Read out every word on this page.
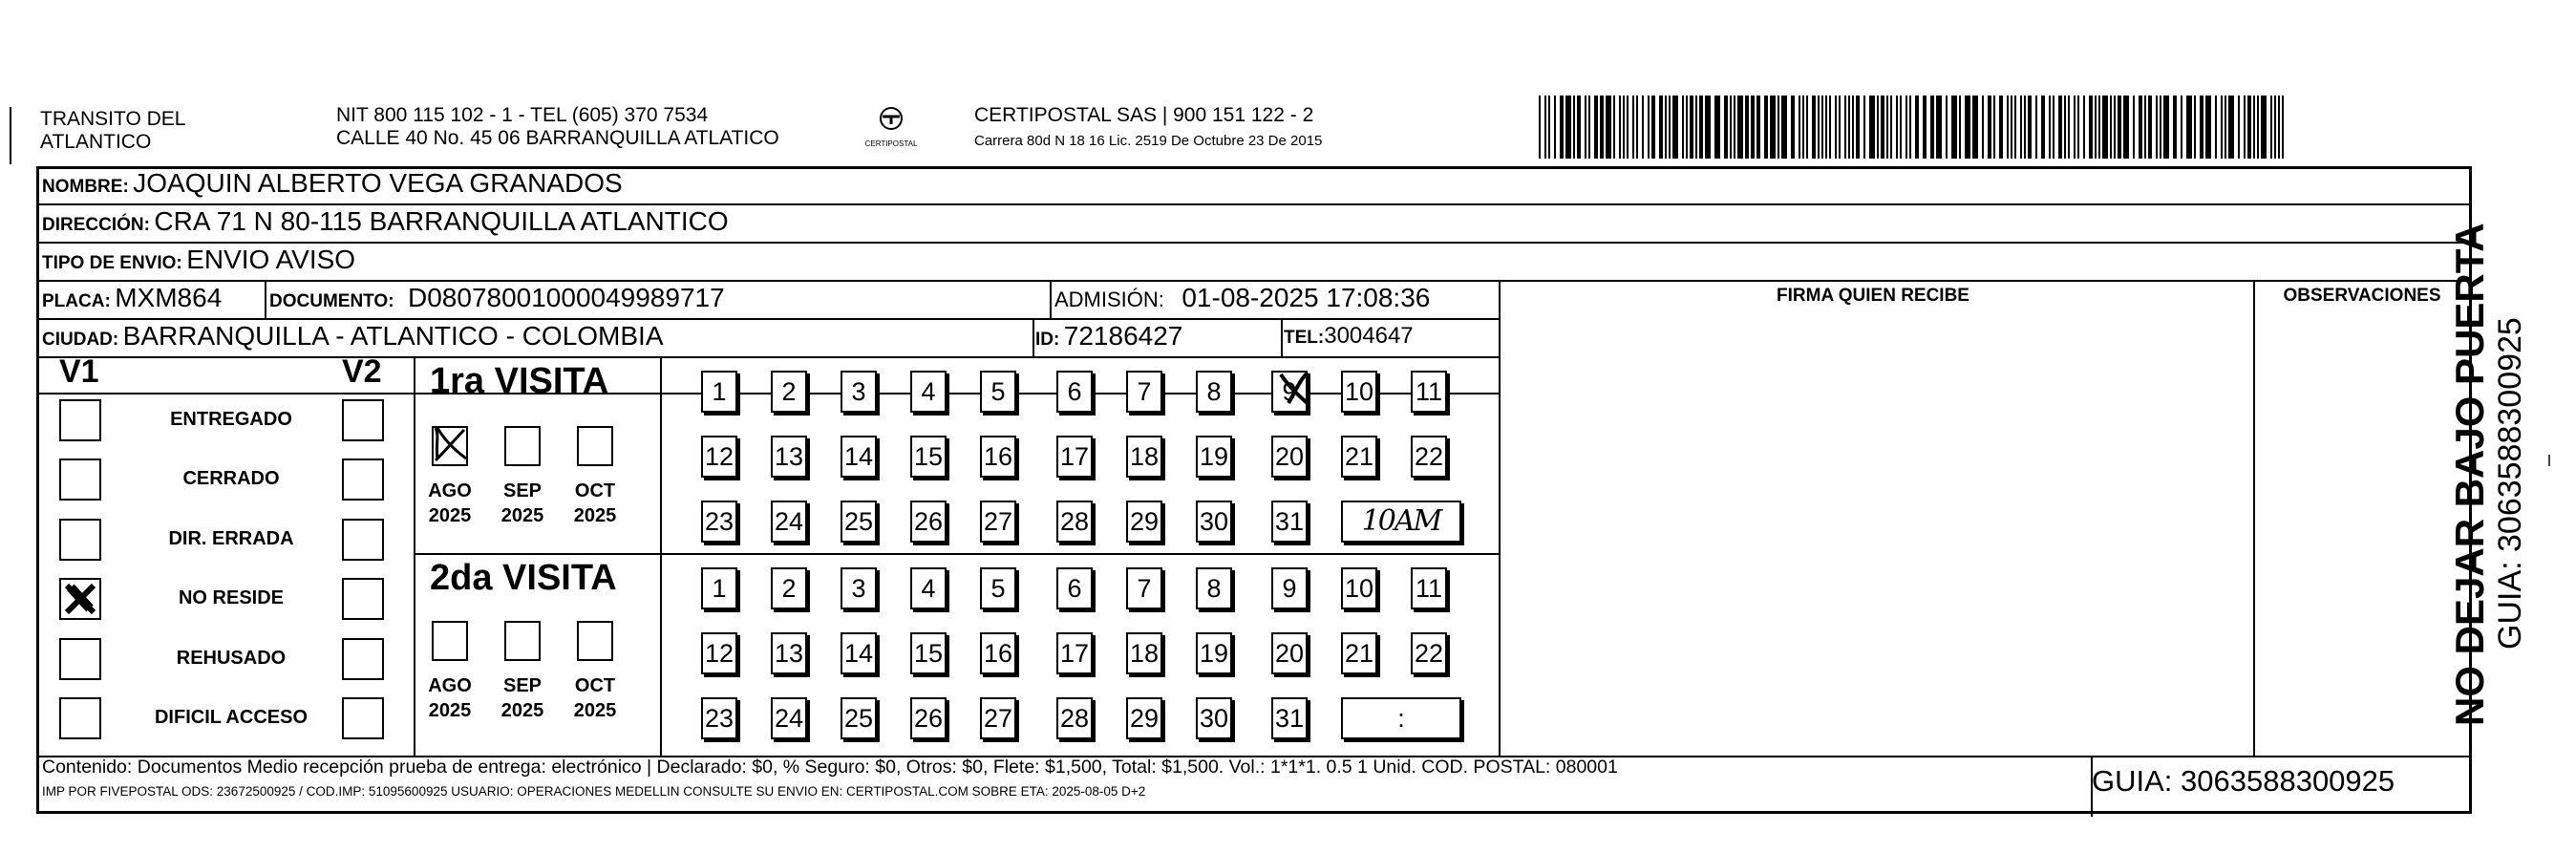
TRANSITO DEL
ATLANTICO
NIT 800 115 102 - 1 - TEL (605) 370 7534
CALLE 40 No. 45 06 BARRANQUILLA ATLATICO	CERTIPOSTAL
CERTIPOSTAL SAS | 900 151 122 - 2
Carrera 80d N 18 16 Lic. 2519 De Octubre 23 De 2015
NOMBRE: JOAQUIN ALBERTO VEGA GRANADOS
DIRECCIÓN: CRA 71 N 80-115 BARRANQUILLA ATLANTICO
TIPO DE ENVIO: ENVIO AVISO
FIRMA QUIEN RECIBE	OBSERVACIONES
PLACA: MXM864	DOCUMENTO: D08078001000049989717	ADMISIÓN: 01-08-2025 17:08:36
CIUDAD: BARRANQUILLA - ATLANTICO - COLOMBIA	ID: 72186427	TEL:3004647
V1	V2
ENTREGADO
CERRADO
DIR. ERRADA
NO RESIDE
REHUSADO
DIFICIL ACCESO
1ra VISITA
2da VISITA
AGO
2025
SEP
2025
OCT
2025
AGO
2025
SEP
2025
OCT
2025
1	2	3	4	5	6	7	8	9	10 11
12 13 14 15 16 17 18 19 20 21 22
23 24 25 26 27 28 29 30 31	10AM
1	2	3	4	5	6	7	8	9	10 11
12 13 14 15 16 17 18 19 20 21 22
23 24 25 26 27 28 29 30 31	:
Contenido: Documentos Medio recepción prueba de entrega: electrónico | Declarado: $0, % Seguro: $0, Otros: $0, Flete: $1,500, Total: $1,500. Vol.: 1*1*1. 0.5 1 Unid. COD. POSTAL: 080001
IMP POR FIVEPOSTAL ODS: 23672500925 / COD.IMP: 51095600925 USUARIO: OPERACIONES MEDELLIN CONSULTE SU ENVIO EN: CERTIPOSTAL.COM SOBRE ETA: 2025-08-05 D+2	GUIA: 3063588300925
NO DEJAR BAJO PUERTA GUIA: 3063588300925
